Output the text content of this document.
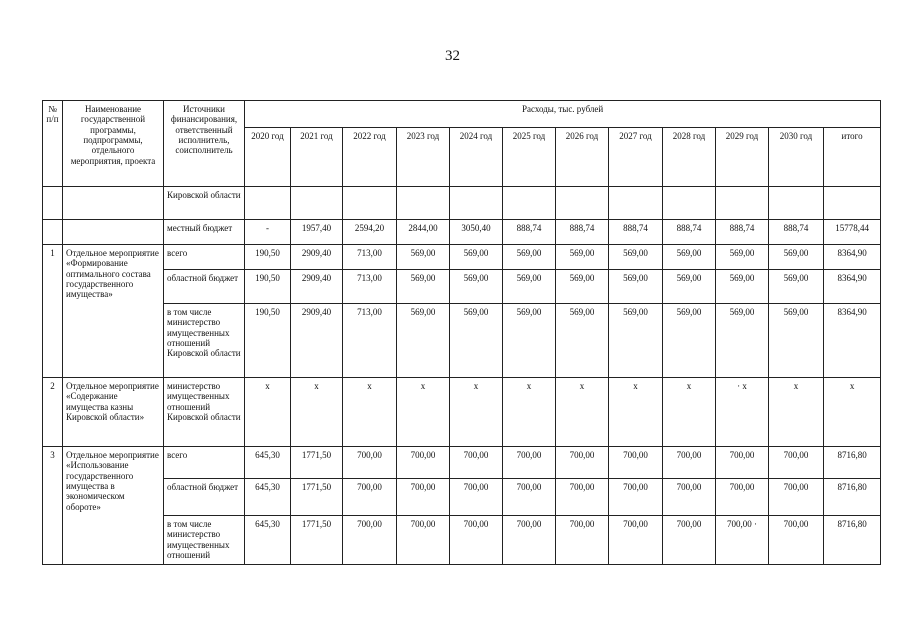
32
№ п/п	Наименование государственной программы, подпрограммы, отдельного мероприятия, проекта	Источники финансирования, ответственный исполнитель, соисполнитель	Расходы, тыс. рублей											
			2020 год	2021 год	2022 год	2023 год	2024 год	2025 год	2026 год	2027 год	2028 год	2029 год	2030 год	итого
		Кировской области												
		местный бюджет	-	1957,40	2594,20	2844,00	3050,40	888,74	888,74	888,74	888,74	888,74	888,74	15778,44
1	Отдельное мероприятие «Формирование оптимального состава государственного имущества»	всего	190,50	2909,40	713,00	569,00	569,00	569,00	569,00	569,00	569,00	569,00	569,00	8364,90
		областной бюджет	190,50	2909,40	713,00	569,00	569,00	569,00	569,00	569,00	569,00	569,00	569,00	8364,90
		в том числе министерство имущественных отношений Кировской области	190,50	2909,40	713,00	569,00	569,00	569,00	569,00	569,00	569,00	569,00	569,00	8364,90
2	Отдельное мероприятие «Содержание имущества казны Кировской области»	министерство имущественных отношений Кировской области	x	x	x	x	x	x	x	x	x	· x	x	x
3	Отдельное мероприятие «Использование государственного имущества в экономическом обороте»	всего	645,30	1771,50	700,00	700,00	700,00	700,00	700,00	700,00	700,00	700,00	700,00	8716,80
		областной бюджет	645,30	1771,50	700,00	700,00	700,00	700,00	700,00	700,00	700,00	700,00	700,00	8716,80
		в том числе министерство имущественных отношений	645,30	1771,50	700,00	700,00	700,00	700,00	700,00	700,00	700,00	700,00 ·	700,00	8716,80
